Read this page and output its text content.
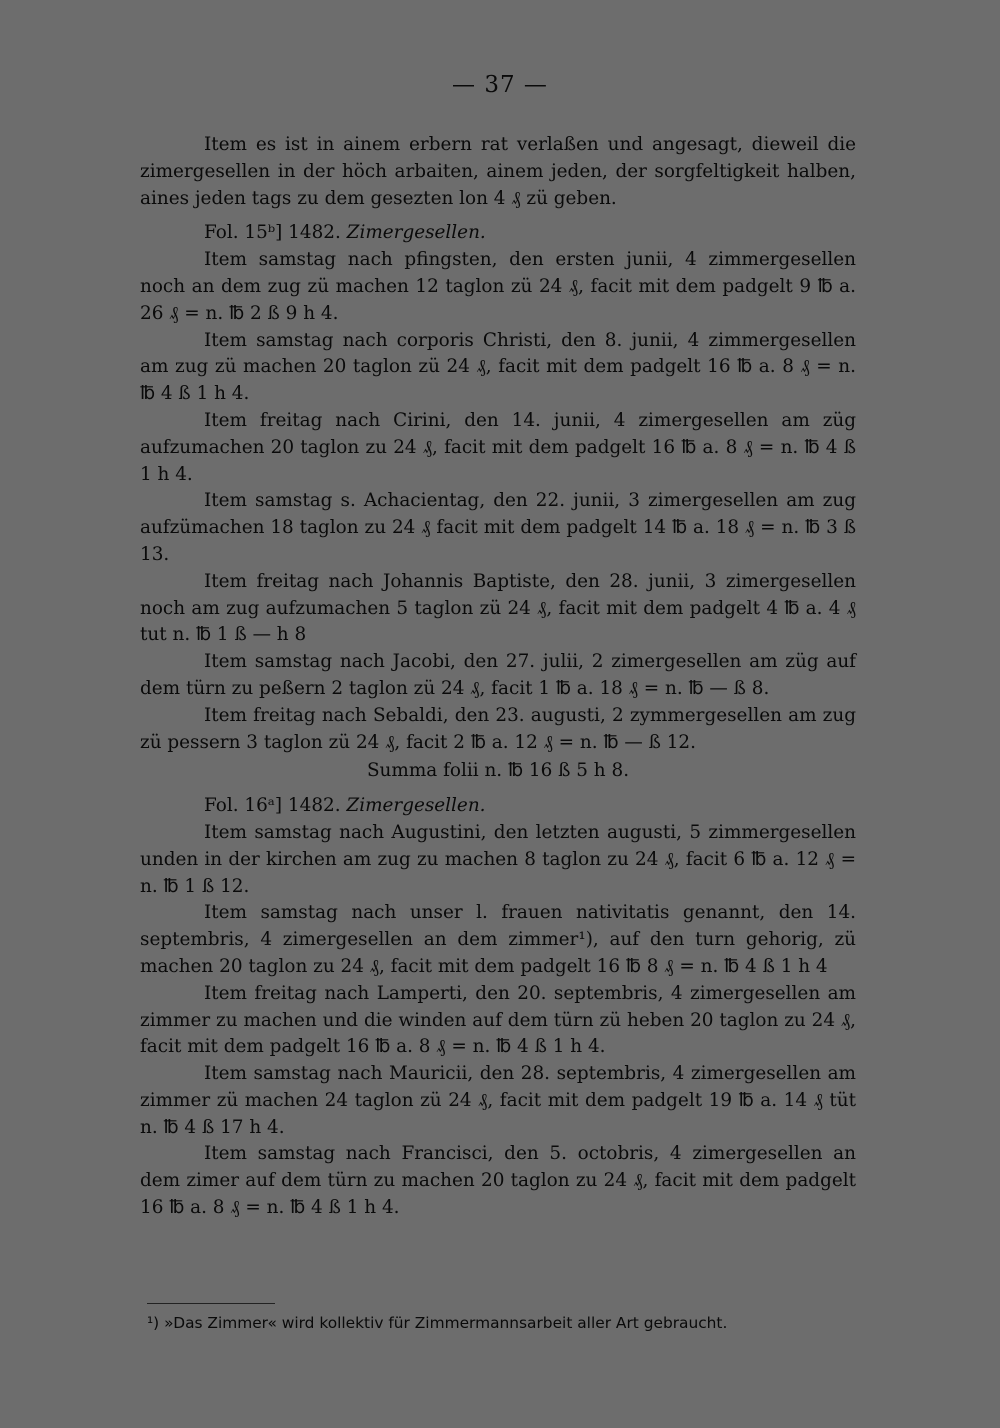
— 37 —

Item es ist in ainem erbern rat verlaßen und angesagt, dieweil die zimergesellen in der höch arbaiten, ainem jeden, der sorgfeltigkeit halben, aines jeden tags zu dem gesezten lon 4 ₰ zü geben.

Fol. 15ᵇ] 1482. Zimergesellen.

Item samstag nach pfingsten, den ersten junii, 4 zimmergesellen noch an dem zug zü machen 12 taglon zü 24 ₰, facit mit dem padgelt 9 ℔ a. 26 ₰ = n. ℔ 2 ß 9 h 4.

Item samstag nach corporis Christi, den 8. junii, 4 zimmergesellen am zug zü machen 20 taglon zü 24 ₰, facit mit dem padgelt 16 ℔ a. 8 ₰ = n. ℔ 4 ß 1 h 4.

Item freitag nach Cirini, den 14. junii, 4 zimergesellen am züg aufzumachen 20 taglon zu 24 ₰, facit mit dem padgelt 16 ℔ a. 8 ₰ = n. ℔ 4 ß 1 h 4.

Item samstag s. Achacientag, den 22. junii, 3 zimergesellen am zug aufzümachen 18 taglon zu 24 ₰ facit mit dem padgelt 14 ℔ a. 18 ₰ = n. ℔ 3 ß 13.

Item freitag nach Johannis Baptiste, den 28. junii, 3 zimergesellen noch am zug aufzumachen 5 taglon zü 24 ₰, facit mit dem padgelt 4 ℔ a. 4 ₰ tut n. ℔ 1 ß — h 8

Item samstag nach Jacobi, den 27. julii, 2 zimergesellen am züg auf dem türn zu peßern 2 taglon zü 24 ₰, facit 1 ℔ a. 18 ₰ = n. ℔ — ß 8.

Item freitag nach Sebaldi, den 23. augusti, 2 zymmergesellen am zug zü pessern 3 taglon zü 24 ₰, facit 2 ℔ a. 12 ₰ = n. ℔ — ß 12.

Summa folii n. ℔ 16 ß 5 h 8.

Fol. 16ᵃ] 1482. Zimergesellen.

Item samstag nach Augustini, den letzten augusti, 5 zimmergesellen unden in der kirchen am zug zu machen 8 taglon zu 24 ₰, facit 6 ℔ a. 12 ₰ = n. ℔ 1 ß 12.

Item samstag nach unser l. frauen nativitatis genannt, den 14. septembris, 4 zimergesellen an dem zimmer¹), auf den turn gehorig, zü machen 20 taglon zu 24 ₰, facit mit dem padgelt 16 ℔ 8 ₰ = n. ℔ 4 ß 1 h 4

Item freitag nach Lamperti, den 20. septembris, 4 zimergesellen am zimmer zu machen und die winden auf dem türn zü heben 20 taglon zu 24 ₰, facit mit dem padgelt 16 ℔ a. 8 ₰ = n. ℔ 4 ß 1 h 4.

Item samstag nach Mauricii, den 28. septembris, 4 zimergesellen am zimmer zü machen 24 taglon zü 24 ₰, facit mit dem padgelt 19 ℔ a. 14 ₰ tüt n. ℔ 4 ß 17 h 4.

Item samstag nach Francisci, den 5. octobris, 4 zimergesellen an dem zimer auf dem türn zu machen 20 taglon zu 24 ₰, facit mit dem padgelt 16 ℔ a. 8 ₰ = n. ℔ 4 ß 1 h 4.

¹) »Das Zimmer« wird kollektiv für Zimmermannsarbeit aller Art gebraucht.
